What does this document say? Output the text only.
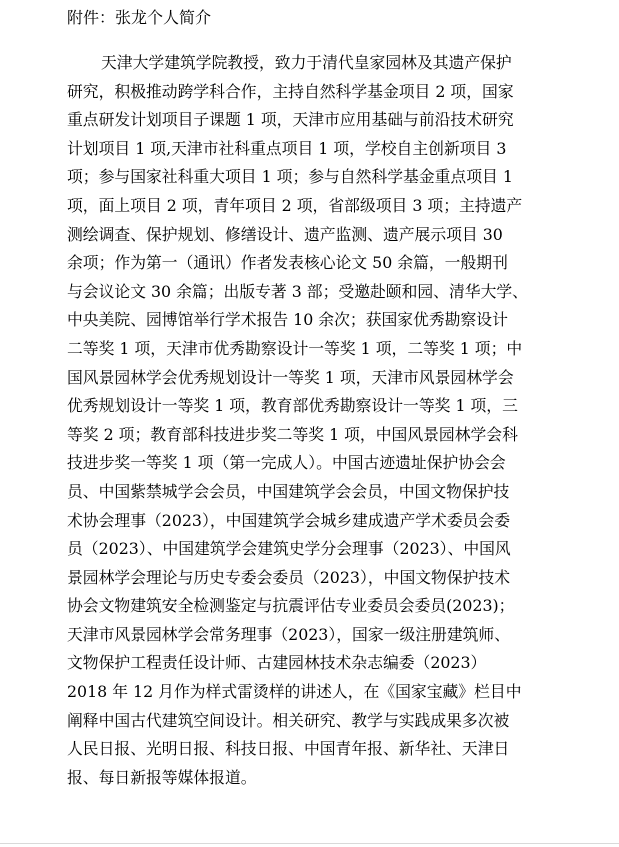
附件：张龙个人简介
天津大学建筑学院教授，致力于清代皇家园林及其遗产保护
研究，积极推动跨学科合作，主持自然科学基金项目 2 项，国家
重点研发计划项目子课题 1 项，天津市应用基础与前沿技术研究
计划项目 1 项,天津市社科重点项目 1 项，学校自主创新项目 3
项；参与国家社科重大项目 1 项；参与自然科学基金重点项目 1
项，面上项目 2 项，青年项目 2 项，省部级项目 3 项；主持遗产
测绘调查、保护规划、修缮设计、遗产监测、遗产展示项目 30
余项；作为第一（通讯）作者发表核心论文 50 余篇，一般期刊
与会议论文 30 余篇；出版专著 3 部；受邀赴颐和园、清华大学、
中央美院、园博馆举行学术报告 10 余次；获国家优秀勘察设计
二等奖 1 项，天津市优秀勘察设计一等奖 1 项，二等奖 1 项；中
国风景园林学会优秀规划设计一等奖 1 项，天津市风景园林学会
优秀规划设计一等奖 1 项，教育部优秀勘察设计一等奖 1 项，三
等奖 2 项；教育部科技进步奖二等奖 1 项，中国风景园林学会科
技进步奖一等奖 1 项（第一完成人）。中国古迹遗址保护协会会
员、中国紫禁城学会会员，中国建筑学会会员，中国文物保护技
术协会理事（2023），中国建筑学会城乡建成遗产学术委员会委
员（2023）、中国建筑学会建筑史学分会理事（2023）、中国风
景园林学会理论与历史专委会委员（2023），中国文物保护技术
协会文物建筑安全检测鉴定与抗震评估专业委员会委员(2023)；
天津市风景园林学会常务理事（2023），国家一级注册建筑师、
文物保护工程责任设计师、古建园林技术杂志编委（2023）
2018 年 12 月作为样式雷烫样的讲述人，在《国家宝藏》栏目中
阐释中国古代建筑空间设计。相关研究、教学与实践成果多次被
人民日报、光明日报、科技日报、中国青年报、新华社、天津日
报、每日新报等媒体报道。
